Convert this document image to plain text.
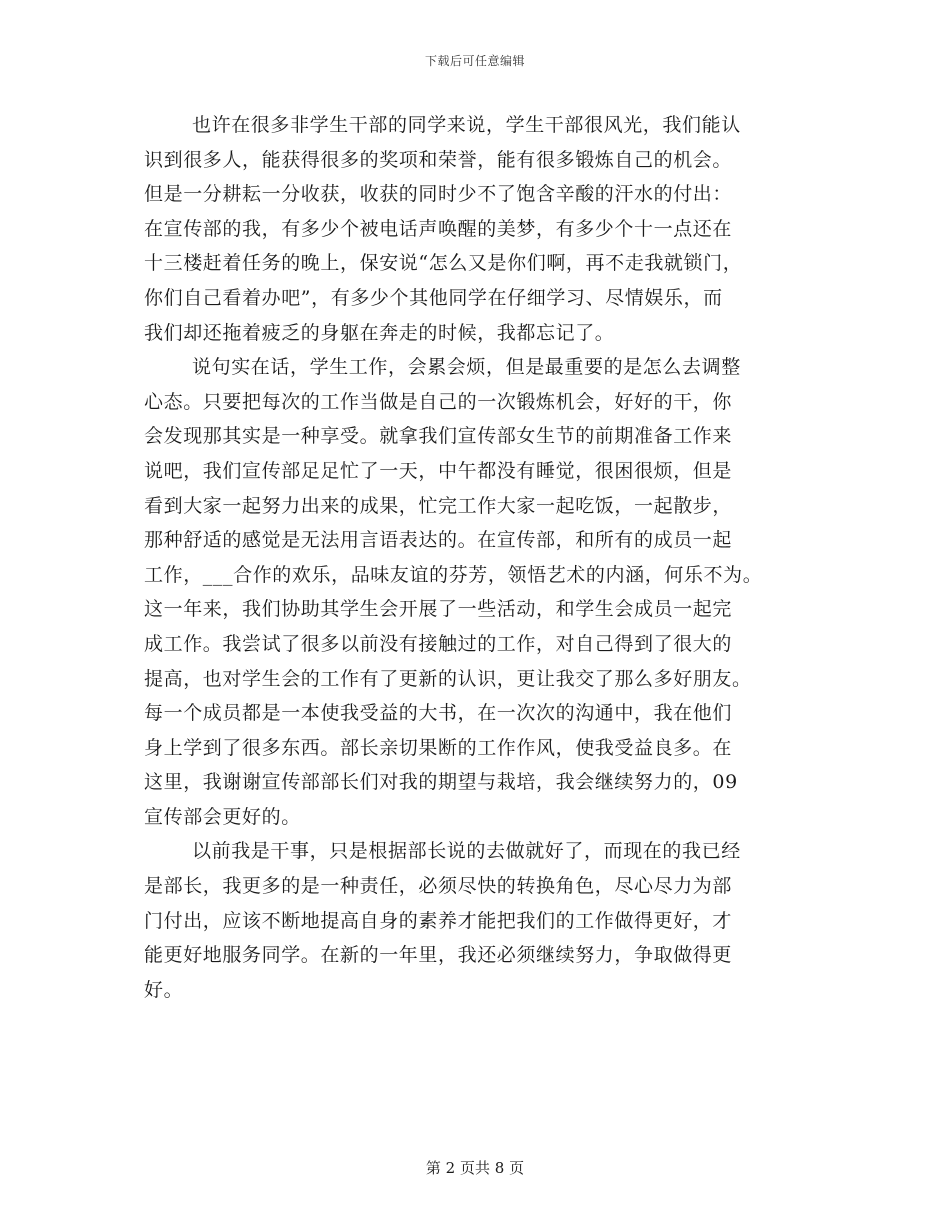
下载后可任意编辑
也许在很多非学生干部的同学来说，学生干部很风光，我们能认
识到很多人，能获得很多的奖项和荣誉，能有很多锻炼自己的机会。
但是一分耕耘一分收获，收获的同时少不了饱含辛酸的汗水的付出：
在宣传部的我，有多少个被电话声唤醒的美梦，有多少个十一点还在
十三楼赶着任务的晚上，保安说“怎么又是你们啊，再不走我就锁门，
你们自己看着办吧”，有多少个其他同学在仔细学习、尽情娱乐，而
我们却还拖着疲乏的身躯在奔走的时候，我都忘记了。
说句实在话，学生工作，会累会烦，但是最重要的是怎么去调整
心态。只要把每次的工作当做是自己的一次锻炼机会，好好的干，你
会发现那其实是一种享受。就拿我们宣传部女生节的前期准备工作来
说吧，我们宣传部足足忙了一天，中午都没有睡觉，很困很烦，但是
看到大家一起努力出来的成果，忙完工作大家一起吃饭，一起散步，
那种舒适的感觉是无法用言语表达的。在宣传部，和所有的成员一起
工作，___合作的欢乐，品味友谊的芬芳，领悟艺术的内涵，何乐不为。
这一年来，我们协助其学生会开展了一些活动，和学生会成员一起完
成工作。我尝试了很多以前没有接触过的工作，对自己得到了很大的
提高，也对学生会的工作有了更新的认识，更让我交了那么多好朋友。
每一个成员都是一本使我受益的大书，在一次次的沟通中，我在他们
身上学到了很多东西。部长亲切果断的工作作风，使我受益良多。在
这里，我谢谢宣传部部长们对我的期望与栽培，我会继续努力的，09
宣传部会更好的。
以前我是干事，只是根据部长说的去做就好了，而现在的我已经
是部长，我更多的是一种责任，必须尽快的转换角色，尽心尽力为部
门付出，应该不断地提高自身的素养才能把我们的工作做得更好，才
能更好地服务同学。在新的一年里，我还必须继续努力，争取做得更
好。
第 2 页共 8 页
